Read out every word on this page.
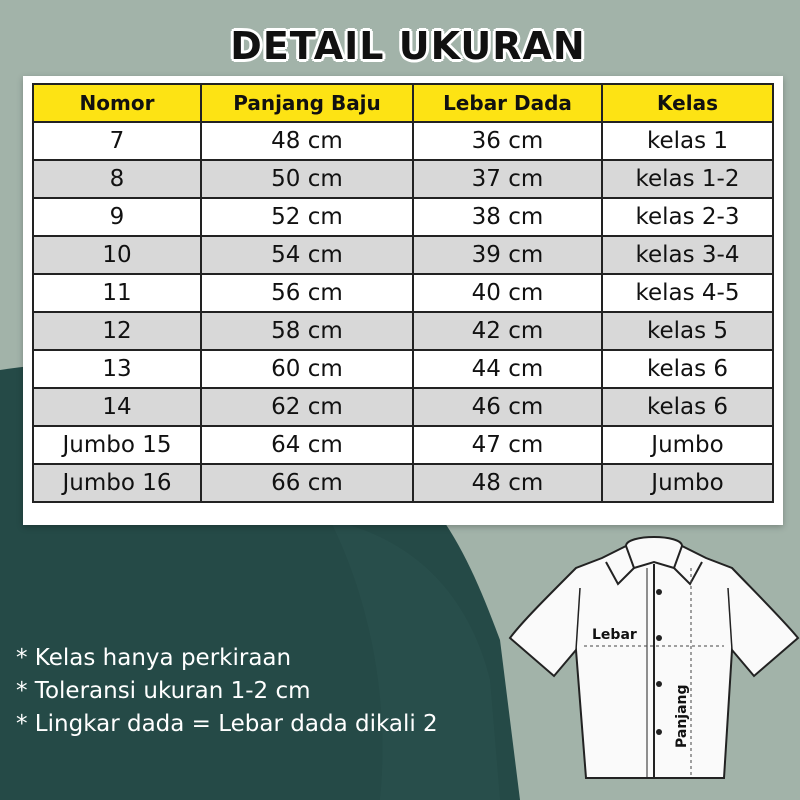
DETAIL UKURAN
Nomor	Panjang Baju	Lebar Dada	Kelas
7	48 cm	36 cm	kelas 1
8	50 cm	37 cm	kelas 1-2
9	52 cm	38 cm	kelas 2-3
10	54 cm	39 cm	kelas 3-4
11	56 cm	40 cm	kelas 4-5
12	58 cm	42 cm	kelas 5
13	60 cm	44 cm	kelas 6
14	62 cm	46 cm	kelas 6
Jumbo 15	64 cm	47 cm	Jumbo
Jumbo 16	66 cm	48 cm	Jumbo
* Kelas hanya perkiraan
* Toleransi ukuran 1-2 cm
* Lingkar dada = Lebar dada dikali 2
Lebar
Panjang
